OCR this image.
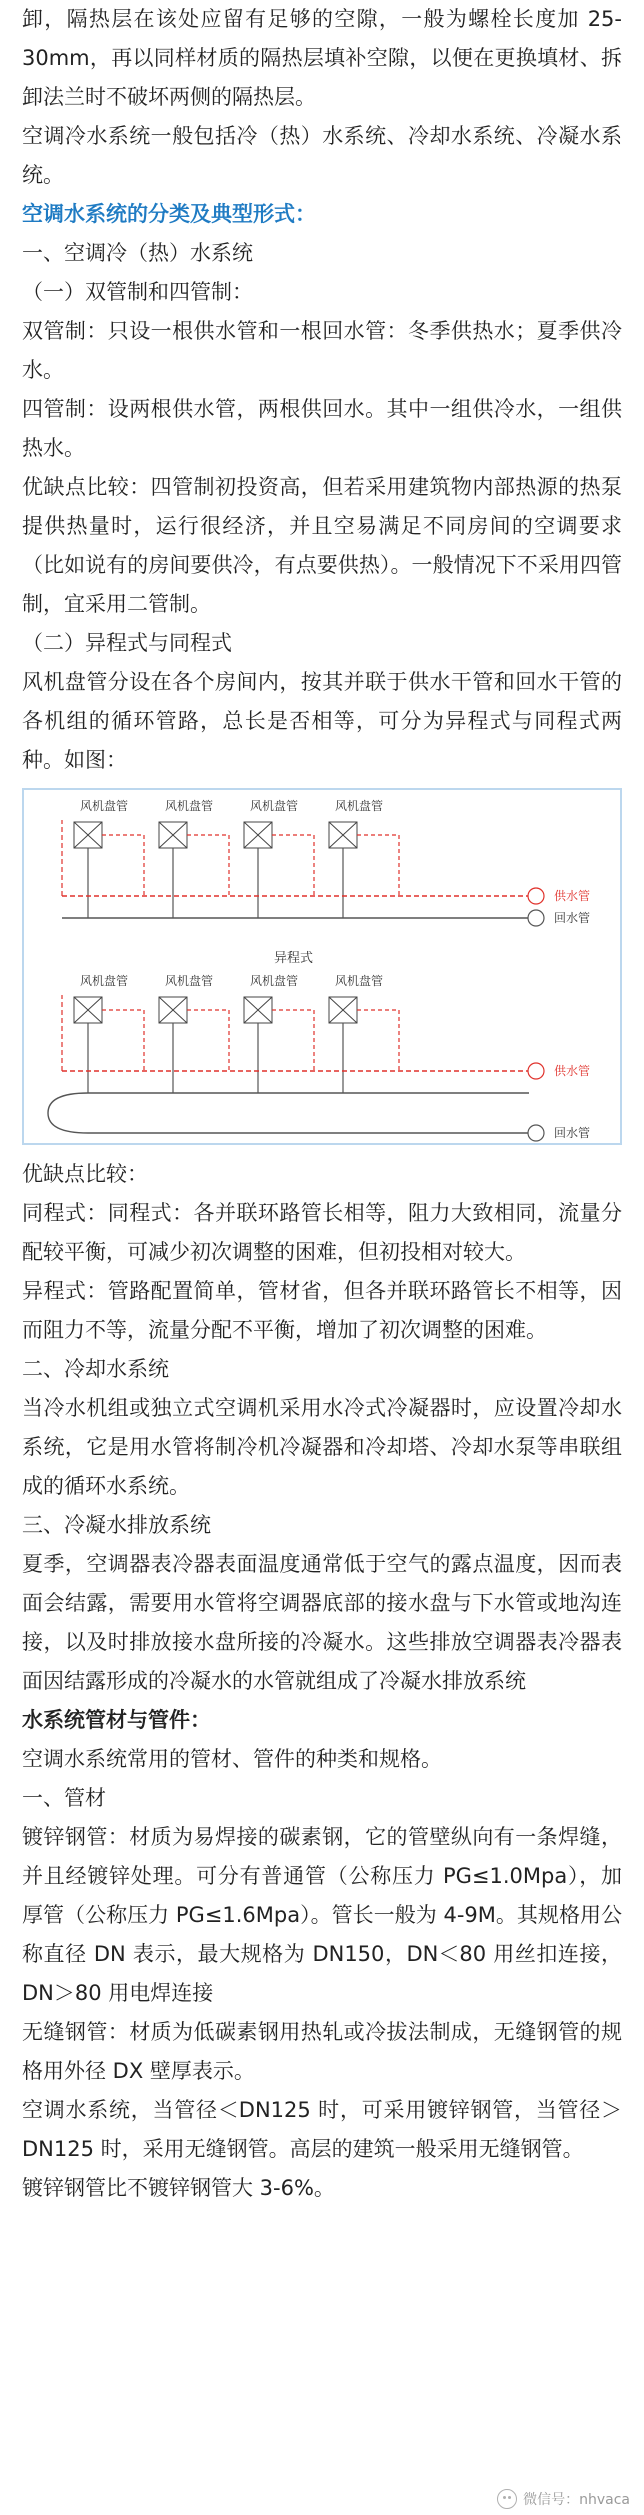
卸，隔热层在该处应留有足够的空隙，一般为螺栓长度加 25-30mm，再以同样材质的隔热层填补空隙，以便在更换填材、拆卸法兰时不破坏两侧的隔热层。

空调冷水系统一般包括冷（热）水系统、冷却水系统、冷凝水系统。

空调水系统的分类及典型形式：

一、空调冷（热）水系统

（一）双管制和四管制：

双管制：只设一根供水管和一根回水管：冬季供热水；夏季供冷水。

四管制：设两根供水管，两根供回水。其中一组供冷水，一组供热水。

优缺点比较：四管制初投资高，但若采用建筑物内部热源的热泵提供热量时，运行很经济，并且空易满足不同房间的空调要求（比如说有的房间要供冷，有点要供热）。一般情况下不采用四管制，宜采用二管制。

（二）异程式与同程式

风机盘管分设在各个房间内，按其并联于供水干管和回水干管的各机组的循环管路，总长是否相等，可分为异程式与同程式两种。如图：

风机盘管	风机盘管	风机盘管	风机盘管
供水管
回水管
异程式
风机盘管	风机盘管	风机盘管	风机盘管
供水管
回水管

优缺点比较：

同程式：同程式：各并联环路管长相等，阻力大致相同，流量分配较平衡，可减少初次调整的困难，但初投相对较大。

异程式：管路配置简单，管材省，但各并联环路管长不相等，因而阻力不等，流量分配不平衡，增加了初次调整的困难。

二、冷却水系统

当冷水机组或独立式空调机采用水冷式冷凝器时，应设置冷却水系统，它是用水管将制冷机冷凝器和冷却塔、冷却水泵等串联组成的循环水系统。

三、冷凝水排放系统

夏季，空调器表冷器表面温度通常低于空气的露点温度，因而表面会结露，需要用水管将空调器底部的接水盘与下水管或地沟连接，以及时排放接水盘所接的冷凝水。这些排放空调器表冷器表面因结露形成的冷凝水的水管就组成了冷凝水排放系统

水系统管材与管件：

空调水系统常用的管材、管件的种类和规格。

一、管材

镀锌钢管：材质为易焊接的碳素钢，它的管壁纵向有一条焊缝，并且经镀锌处理。可分有普通管（公称压力 PG≤1.0Mpa），加厚管（公称压力 PG≤1.6Mpa）。管长一般为 4-9M。其规格用公称直径 DN 表示，最大规格为 DN150，DN＜80 用丝扣连接，DN＞80 用电焊连接

无缝钢管：材质为低碳素钢用热轧或冷拔法制成，无缝钢管的规格用外径 DX 壁厚表示。

空调水系统，当管径＜DN125 时，可采用镀锌钢管，当管径＞DN125 时，采用无缝钢管。高层的建筑一般采用无缝钢管。

镀锌钢管比不镀锌钢管大 3-6%。

微信号：nhvaca
